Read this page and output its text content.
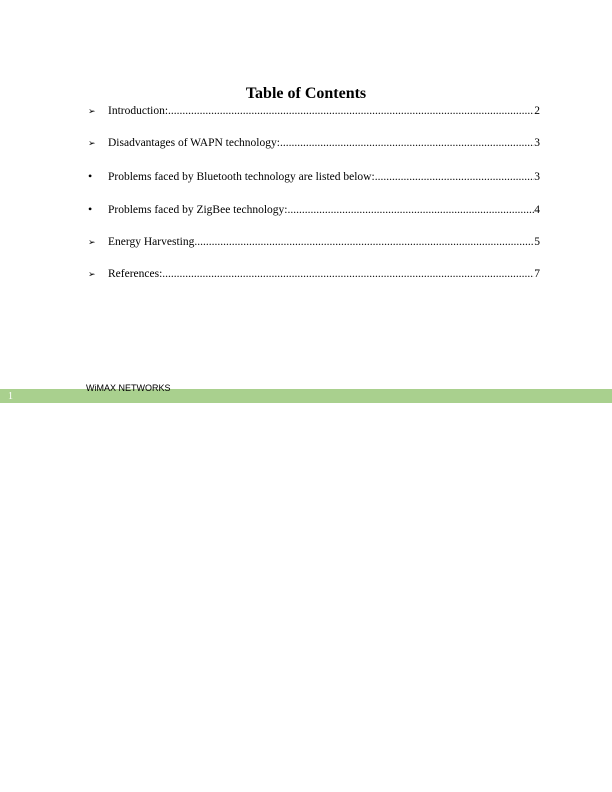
Table of Contents
➢	Introduction: .....	2
➢	Disadvantages of WAPN technology: .....	3
•	Problems faced by Bluetooth technology are listed below: .....	3
•	Problems faced by ZigBee technology: .....	4
➢	Energy Harvesting .....	5
➢	References: .....	7
WiMAX NETWORKS
1
